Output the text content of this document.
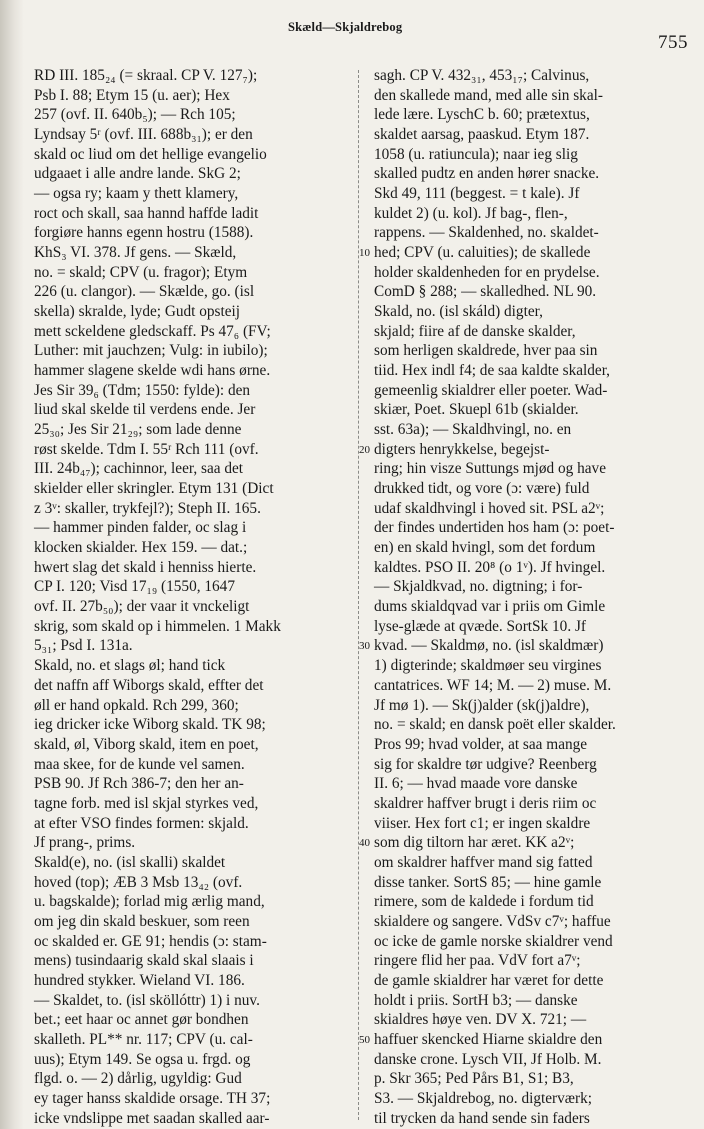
Skæld—Skjaldrebog
755
RD III. 185₂₄ (= skraal. CP V. 127₇);
Psb I. 88; Etym 15 (u. aer); Hex
257 (ovf. II. 640b₅); — Rch 105;
Lyndsay 5ʳ (ovf. III. 688b₃₁); er den
skald oc liud om det hellige evangelio
udgaaet i alle andre lande. SkG 2;
— ogsa ry; kaam y thett klamery,
roct och skall, saa hannd haffde ladit
forgiøre hanns egenn hostru (1588).
KhS₃ VI. 378. Jf gens. — Skæld,
no. = skald; CPV (u. fragor); Etym
226 (u. clangor). — Skælde, go. (isl
skella) skralde, lyde; Gudt opsteij
mett sckeldene gledsckaff. Ps 47₆ (FV;
Luther: mit jauchzen; Vulg: in iubilo);
hammer slagene skelde wdi hans ørne.
Jes Sir 39₆ (Tdm; 1550: fylde): den
liud skal skelde til verdens ende. Jer
25₃₀; Jes Sir 21₂₉; som lade denne
røst skelde. Tdm I. 55ʳ Rch 111 (ovf.
III. 24b₄₇); cachinnor, leer, saa det
skielder eller skringler. Etym 131 (Dict
z 3ᵛ: skaller, trykfejl?); Steph II. 165.
— hammer pinden falder, oc slag i
klocken skialder. Hex 159. — dat.;
hwert slag det skald i henniss hierte.
CP I. 120; Visd 17₁₉ (1550, 1647
ovf. II. 27b₅₀); der vaar it vnckeligt
skrig, som skald op i himmelen. 1 Makk
5₃₁; Psd I. 131a.
Skald, no. et slags øl; hand tick
det naffn aff Wiborgs skald, effter det
øll er hand opkald. Rch 299, 360;
ieg dricker icke Wiborg skald. TK 98;
skald, øl, Viborg skald, item en poet,
maa skee, for de kunde vel samen.
PSB 90. Jf Rch 386-7; den her an-
tagne forb. med isl skjal styrkes ved,
at efter VSO findes formen: skjald.
Jf prang-, prims.
Skald(e), no. (isl skalli) skaldet
hoved (top); ÆB 3 Msb 13₄₂ (ovf.
u. bagskalde); forlad mig ærlig mand,
om jeg din skald beskuer, som reen
oc skalded er. GE 91; hendis (ɔ: stam-
mens) tusindaarig skald skal slaais i
hundred stykker. Wieland VI. 186.
— Skaldet, to. (isl sköllóttr) 1) i nuv.
bet.; eet haar oc annet gør bondhen
skalleth. PL** nr. 117; CPV (u. cal-
uus); Etym 149. Se ogsa u. frgd. og
flgd. o. — 2) dårlig, ugyldig: Gud
ey tager hanss skaldide orsage. TH 37;
icke vndslippe met saadan skalled aar-
sagh. CP V. 432₃₁, 453₁₇; Calvinus,
den skallede mand, med alle sin skal-
lede lære. LyschC b. 60; prætextus,
skaldet aarsag, paaskud. Etym 187.
1058 (u. ratiuncula); naar ieg slig
skalled pudtz en anden hører snacke.
Skd 49, 111 (beggest. = t kale). Jf
kuldet 2) (u. kol). Jf bag-, flen-,
rappens. — Skaldenhed, no. skaldet-
hed; CPV (u. caluities); de skallede
10
holder skaldenheden for en prydelse.
ComD § 288; — skalledhed. NL 90.
Skald, no. (isl skáld) digter,
skjald; fiire af de danske skalder,
som herligen skaldrede, hver paa sin
tiid. Hex indl f4; de saa kaldte skalder,
gemeenlig skialdrer eller poeter. Wad-
skiær, Poet. Skuepl 61b (skialder.
sst. 63a); — Skaldhvingl, no. en
digters henrykkelse, begejst-
20
ring; hin visze Suttungs mjød og have
drukked tidt, og vore (ɔ: være) fuld
udaf skaldhvingl i hoved sit. PSL a2ᵛ;
der findes undertiden hos ham (ɔ: poet-
en) en skald hvingl, som det fordum
kaldtes. PSO II. 20⁸ (o 1ᵛ). Jf hvingel.
— Skjaldkvad, no. digtning; i for-
dums skialdqvad var i priis om Gimle
lyse-glæde at qvæde. SortSk 10. Jf
kvad. — Skaldmø, no. (isl skaldmær)
30
1) digterinde; skaldmøer seu virgines
cantatrices. WF 14; M. — 2) muse. M.
Jf mø 1). — Sk(j)alder (sk(j)aldre),
no. = skald; en dansk poët eller skalder.
Pros 99; hvad volder, at saa mange
sig for skaldre tør udgive? Reenberg
II. 6; — hvad maade vore danske
skaldrer haffver brugt i deris riim oc
viiser. Hex fort c1; er ingen skaldre
som dig tiltorn har æret. KK a2ᵛ;
40
om skaldrer haffver mand sig fatted
disse tanker. SortS 85; — hine gamle
rimere, som de kaldede i fordum tid
skialdere og sangere. VdSv c7ᵛ; haffue
oc icke de gamle norske skialdrer vend
ringere flid her paa. VdV fort a7ᵛ;
de gamle skialdrer har været for dette
holdt i priis. SortH b3; — danske
skialdres høye ven. DV X. 721; —
haffuer skencked Hiarne skialdre den
50
danske crone. Lysch VII, Jf Holb. M.
p. Skr 365; Ped Pårs B1, S1; B3,
S3. — Skjaldrebog, no. digterværk;
til trycken da hand sende sin faders
